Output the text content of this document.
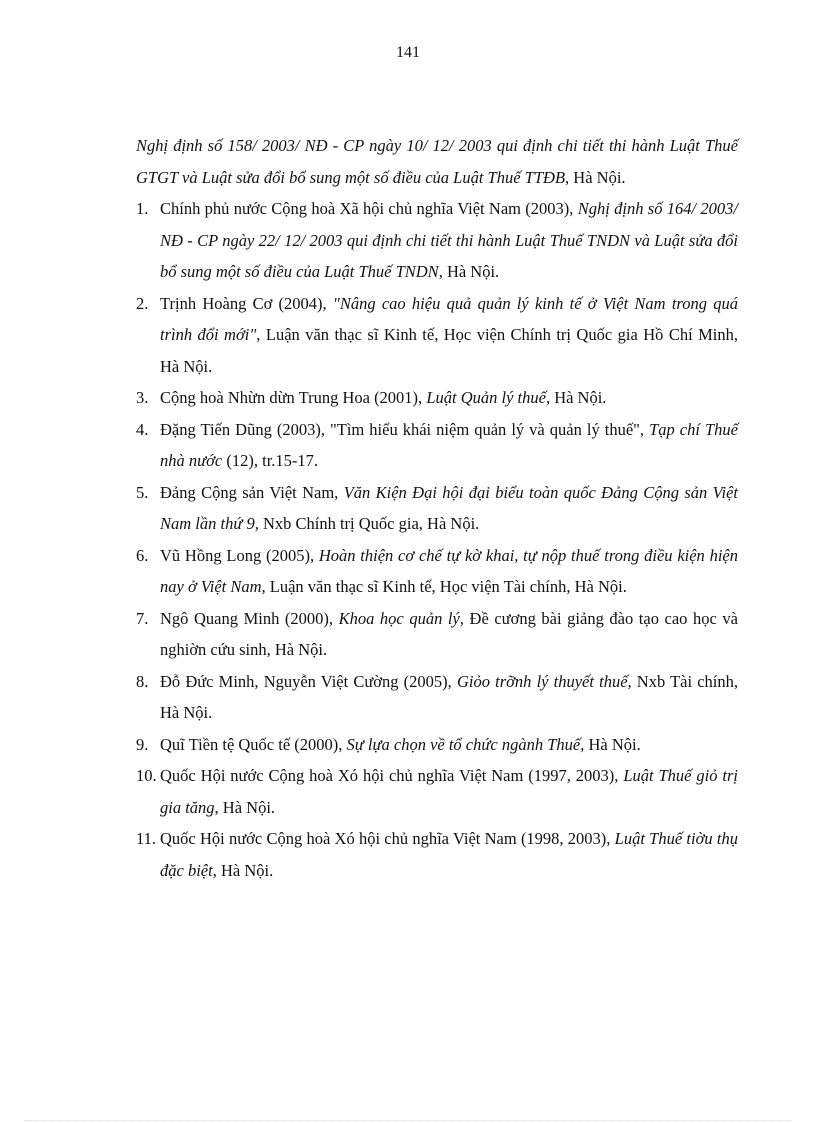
141
Nghị định số 158/ 2003/ NĐ - CP ngày 10/ 12/ 2003 qui định chi tiết thi hành Luật Thuế GTGT và Luật sửa đổi bổ sung một số điều của Luật Thuế TTĐB, Hà Nội.
1. Chính phủ nước Cộng hoà Xã hội chủ nghĩa Việt Nam (2003), Nghị định số 164/ 2003/ NĐ - CP ngày 22/ 12/ 2003 qui định chi tiết thi hành Luật Thuế TNDN và Luật sửa đổi bổ sung một số điều của Luật Thuế TNDN, Hà Nội.
2. Trịnh Hoàng Cơ (2004), "Nâng cao hiệu quả quản lý kinh tế ở Việt Nam trong quá trình đổi mới", Luận văn thạc sĩ Kinh tế, Học viện Chính trị Quốc gia Hồ Chí Minh, Hà Nội.
3. Cộng hoà Nhừn dừn Trung Hoa (2001), Luật Quản lý thuế, Hà Nội.
4. Đặng Tiến Dũng (2003), "Tìm hiểu khái niệm quản lý và quản lý thuế", Tạp chí Thuế nhà nước (12), tr.15-17.
5. Đảng Cộng sản Việt Nam, Văn Kiện Đại hội đại biểu toàn quốc Đảng Cộng sản Việt Nam lần thứ 9, Nxb Chính trị Quốc gia, Hà Nội.
6. Vũ Hồng Long (2005), Hoàn thiện cơ chế tự kờ khai, tự nộp thuế trong điều kiện hiện nay ở Việt Nam, Luận văn thạc sĩ Kinh tế, Học viện Tài chính, Hà Nội.
7. Ngô Quang Minh (2000), Khoa học quản lý, Đề cương bài giảng đào tạo cao học và nghiờn cứu sinh, Hà Nội.
8. Đỗ Đức Minh, Nguyễn Việt Cường (2005), Giỏo trỡnh lý thuyết thuế, Nxb Tài chính, Hà Nội.
9. Quĩ Tiền tệ Quốc tế (2000), Sự lựa chọn về tổ chức ngành Thuế, Hà Nội.
10. Quốc Hội nước Cộng hoà Xó hội chủ nghĩa Việt Nam (1997, 2003), Luật Thuế giỏ trị gia tăng, Hà Nội.
11. Quốc Hội nước Cộng hoà Xó hội chủ nghĩa Việt Nam (1998, 2003), Luật Thuế tiờu thụ đặc biệt, Hà Nội.
